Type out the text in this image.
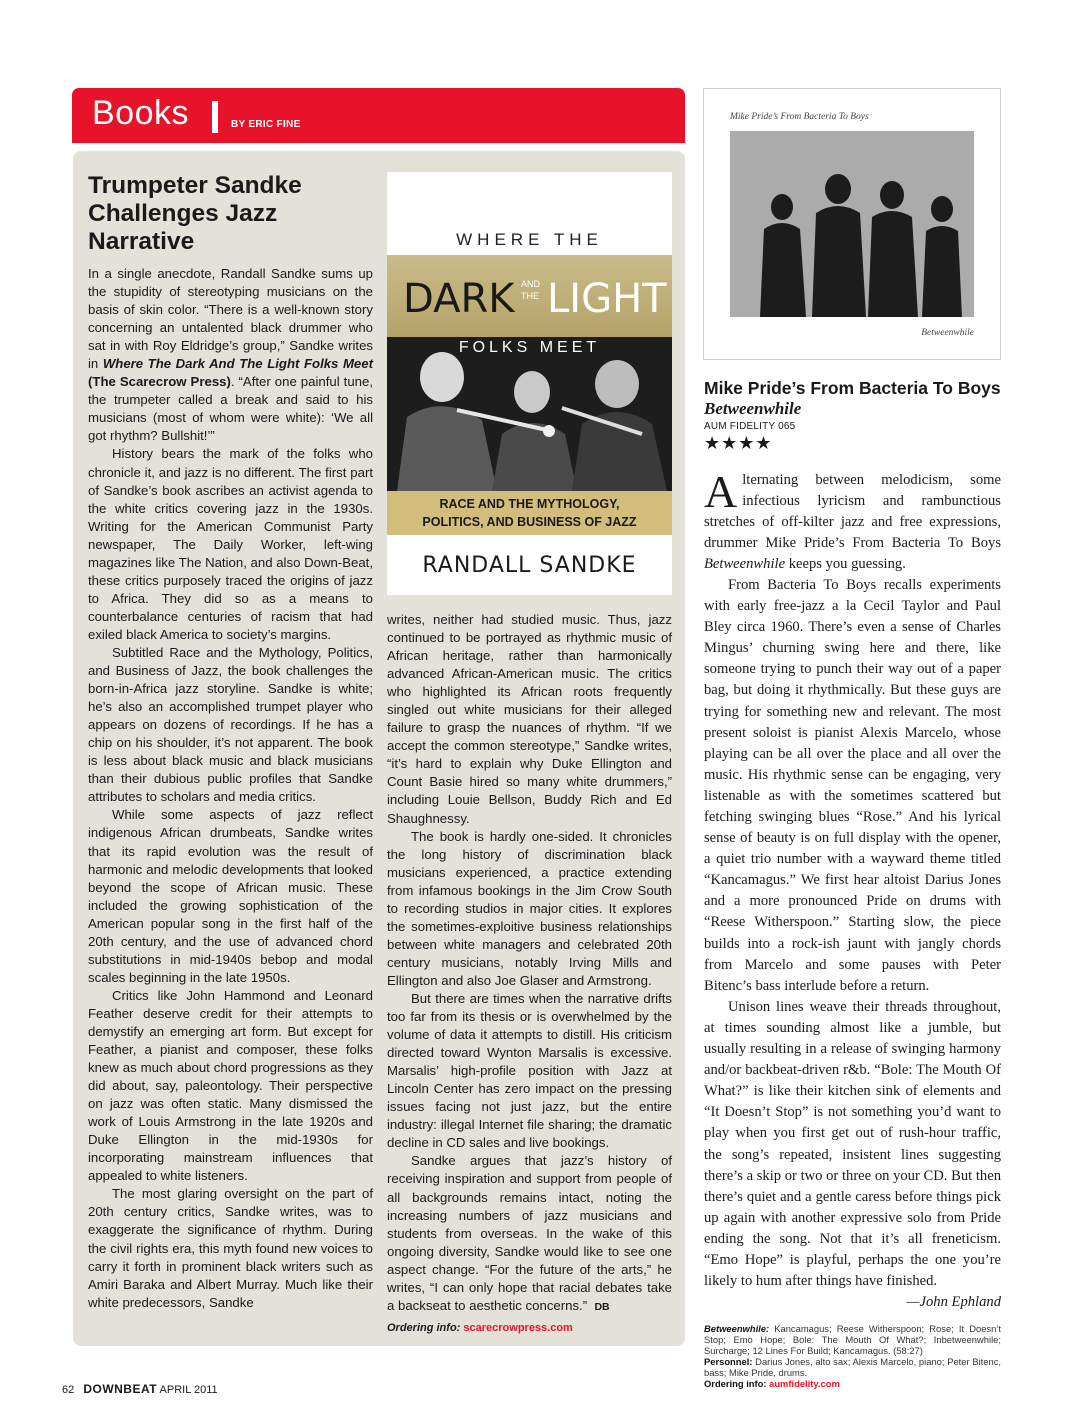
Books	BY ERIC FINE
Trumpeter Sandke Challenges Jazz Narrative

In a single anecdote, Randall Sandke sums up the stupidity of stereotyping musicians on the basis of skin color. “There is a well-known story concerning an untalented black drummer who sat in with Roy Eldridge’s group,” Sandke writes in Where The Dark And The Light Folks Meet (The Scarecrow Press). “After one painful tune, the trumpeter called a break and said to his musicians (most of whom were white): ‘We all got rhythm? Bullshit!’”

History bears the mark of the folks who chronicle it, and jazz is no different. The first part of Sandke’s book ascribes an activist agenda to the white critics covering jazz in the 1930s. Writing for the American Communist Party newspaper, The Daily Worker, left-wing magazines like The Nation, and also Down-Beat, these critics purposely traced the origins of jazz to Africa. They did so as a means to counterbalance centuries of racism that had exiled black America to society’s margins.

Subtitled Race and the Mythology, Politics, and Business of Jazz, the book challenges the born-in-Africa jazz storyline. Sandke is white; he’s also an accomplished trumpet player who appears on dozens of recordings. If he has a chip on his shoulder, it’s not apparent. The book is less about black music and black musicians than their dubious public profiles that Sandke attributes to scholars and media critics.

While some aspects of jazz reflect indigenous African drumbeats, Sandke writes that its rapid evolution was the result of harmonic and melodic developments that looked beyond the scope of African music. These included the growing sophistication of the American popular song in the first half of the 20th century, and the use of advanced chord substitutions in mid-1940s bebop and modal scales beginning in the late 1950s.

Critics like John Hammond and Leonard Feather deserve credit for their attempts to demystify an emerging art form. But except for Feather, a pianist and composer, these folks knew as much about chord progressions as they did about, say, paleontology. Their perspective on jazz was often static. Many dismissed the work of Louis Armstrong in the late 1920s and Duke Ellington in the mid-1930s for incorporating mainstream influences that appealed to white listeners.

The most glaring oversight on the part of 20th century critics, Sandke writes, was to exaggerate the significance of rhythm. During the civil rights era, this myth found new voices to carry it forth in prominent black writers such as Amiri Baraka and Albert Murray. Much like their white predecessors, Sandke

WHERE THE
DARK AND
THE LIGHT
FOLKS MEET
RACE AND THE MYTHOLOGY,
POLITICS, AND BUSINESS OF JAZZ
RANDALL SANDKE

writes, neither had studied music. Thus, jazz continued to be portrayed as rhythmic music of African heritage, rather than harmonically advanced African-American music. The critics who highlighted its African roots frequently singled out white musicians for their alleged failure to grasp the nuances of rhythm. “If we accept the common stereotype,” Sandke writes, “it’s hard to explain why Duke Ellington and Count Basie hired so many white drummers,” including Louie Bellson, Buddy Rich and Ed Shaughnessy.

The book is hardly one-sided. It chronicles the long history of discrimination black musicians experienced, a practice extending from infamous bookings in the Jim Crow South to recording studios in major cities. It explores the sometimes-exploitive business relationships between white managers and celebrated 20th century musicians, notably Irving Mills and Ellington and also Joe Glaser and Armstrong.

But there are times when the narrative drifts too far from its thesis or is overwhelmed by the volume of data it attempts to distill. His criticism directed toward Wynton Marsalis is excessive. Marsalis’ high-profile position with Jazz at Lincoln Center has zero impact on the pressing issues facing not just jazz, but the entire industry: illegal Internet file sharing; the dramatic decline in CD sales and live bookings.

Sandke argues that jazz’s history of receiving inspiration and support from people of all backgrounds remains intact, noting the increasing numbers of jazz musicians and students from overseas. In the wake of this ongoing diversity, Sandke would like to see one aspect change. “For the future of the arts,” he writes, “I can only hope that racial debates take a backseat to aesthetic concerns.” DB

Ordering info: scarecrowpress.com
Mike Pride’s From Bacteria To Boys
Betweenwhile
Mike Pride’s From Bacteria To Boys
Betweenwhile
AUM FIDELITY 065
★★★★

Alternating between melodicism, some infectious lyricism and rambunctious stretches of off-kilter jazz and free expressions, drummer Mike Pride’s From Bacteria To Boys Betweenwhile keeps you guessing.

From Bacteria To Boys recalls experiments with early free-jazz a la Cecil Taylor and Paul Bley circa 1960. There’s even a sense of Charles Mingus’ churning swing here and there, like someone trying to punch their way out of a paper bag, but doing it rhythmically. But these guys are trying for something new and relevant. The most present soloist is pianist Alexis Marcelo, whose playing can be all over the place and all over the music. His rhythmic sense can be engaging, very listenable as with the sometimes scattered but fetching swinging blues “Rose.” And his lyrical sense of beauty is on full display with the opener, a quiet trio number with a wayward theme titled “Kancamagus.” We first hear altoist Darius Jones and a more pronounced Pride on drums with “Reese Witherspoon.” Starting slow, the piece builds into a rock-ish jaunt with jangly chords from Marcelo and some pauses with Peter Bitenc’s bass interlude before a return.

Unison lines weave their threads throughout, at times sounding almost like a jumble, but usually resulting in a release of swinging harmony and/or backbeat-driven r&b. “Bole: The Mouth Of What?” is like their kitchen sink of elements and “It Doesn’t Stop” is not something you’d want to play when you first get out of rush-hour traffic, the song’s repeated, insistent lines suggesting there’s a skip or two or three on your CD. But then there’s quiet and a gentle caress before things pick up again with another expressive solo from Pride ending the song. Not that it’s all freneticism. “Emo Hope” is playful, perhaps the one you’re likely to hum after things have finished.

—John Ephland

Betweenwhile: Kancamagus; Reese Witherspoon; Rose; It Doesn’t Stop; Emo Hope; Bole: The Mouth Of What?; Inbetweenwhile; Surcharge; 12 Lines For Build; Kancamagus. (58:27)
Personnel: Darius Jones, alto sax; Alexis Marcelo, piano; Peter Bitenc, bass; Mike Pride, drums.
Ordering info: aumfidelity.com
62 DOWNBEAT APRIL 2011
